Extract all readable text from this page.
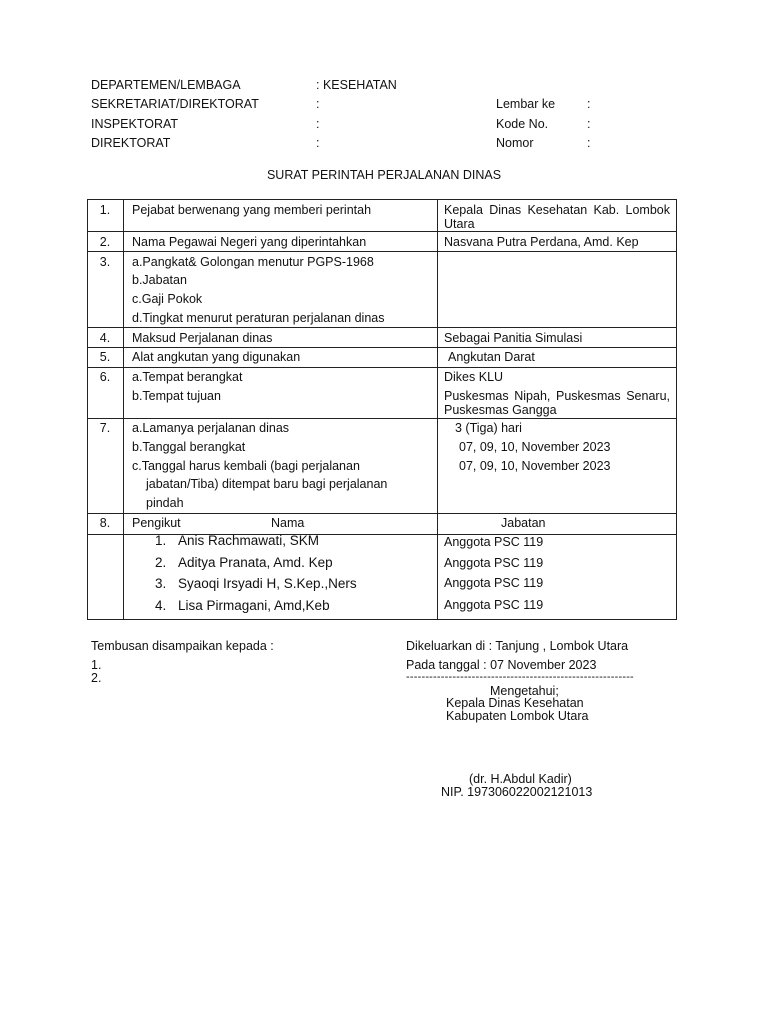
DEPARTEMEN/LEMBAGA	: KESEHATAN
SEKRETARIAT/DIREKTORAT	:
INSPEKTORAT	:
DIREKTORAT	:
Lembar ke	:
Kode No.	:
Nomor	:
SURAT PERINTAH PERJALANAN DINAS
1.	Pejabat berwenang yang memberi perintah	Kepala Dinas Kesehatan Kab. Lombok Utara
2.	Nama Pegawai Negeri yang diperintahkan	Nasvana Putra Perdana, Amd. Kep
3.	a.Pangkat& Golongan menutur PGPS-1968
b.Jabatan
c.Gaji Pokok
d.Tingkat menurut peraturan perjalanan dinas
4.	Maksud Perjalanan dinas	Sebagai Panitia Simulasi
5.	Alat angkutan yang digunakan	Angkutan Darat
6.	a.Tempat berangkat	Dikes KLU
b.Tempat tujuan	Puskesmas Nipah, Puskesmas Senaru, Puskesmas Gangga
7.	a.Lamanya perjalanan dinas	3 (Tiga) hari
b.Tanggal berangkat	07, 09, 10, November 2023
c.Tanggal harus kembali (bagi perjalanan	07, 09, 10, November 2023
jabatan/Tiba) ditempat baru bagi perjalanan
pindah
8.	Pengikut	Nama	Jabatan
1. Anis Rachmawati, SKM	Anggota PSC 119
2. Aditya Pranata, Amd. Kep	Anggota PSC 119
3. Syaoqi Irsyadi H, S.Kep.,Ners	Anggota PSC 119
4. Lisa Pirmagani, Amd,Keb	Anggota PSC 119
Tembusan disampaikan kepada :
1.
2.
Dikeluarkan di : Tanjung , Lombok Utara
Pada tanggal : 07 November 2023
-----------------------------------------------------------
Mengetahui;
Kepala Dinas Kesehatan
Kabupaten Lombok Utara
(dr. H.Abdul Kadir)
NIP. 197306022002121013
